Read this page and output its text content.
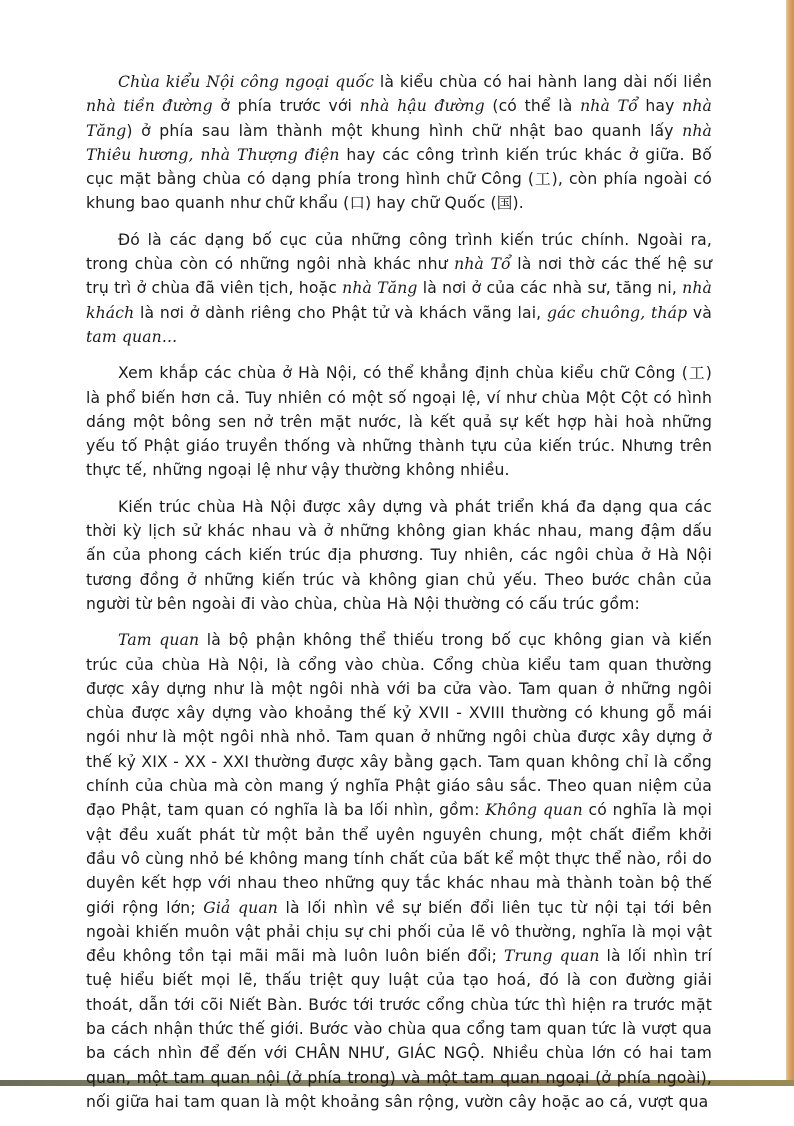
Chùa kiểu Nội công ngoại quốc là kiểu chùa có hai hành lang dài nối liền nhà tiền đường ở phía trước với nhà hậu đường (có thể là nhà Tổ hay nhà Tăng) ở phía sau làm thành một khung hình chữ nhật bao quanh lấy nhà Thiêu hương, nhà Thượng điện hay các công trình kiến trúc khác ở giữa. Bố cục mặt bằng chùa có dạng phía trong hình chữ Công (工), còn phía ngoài có khung bao quanh như chữ khẩu (口) hay chữ Quốc (国).

Đó là các dạng bố cục của những công trình kiến trúc chính. Ngoài ra, trong chùa còn có những ngôi nhà khác như nhà Tổ là nơi thờ các thế hệ sư trụ trì ở chùa đã viên tịch, hoặc nhà Tăng là nơi ở của các nhà sư, tăng ni, nhà khách là nơi ở dành riêng cho Phật tử và khách vãng lai, gác chuông, tháp và tam quan...

Xem khắp các chùa ở Hà Nội, có thể khẳng định chùa kiểu chữ Công (工) là phổ biến hơn cả. Tuy nhiên có một số ngoại lệ, ví như chùa Một Cột có hình dáng một bông sen nở trên mặt nước, là kết quả sự kết hợp hài hoà những yếu tố Phật giáo truyền thống và những thành tựu của kiến trúc. Nhưng trên thực tế, những ngoại lệ như vậy thường không nhiều.

Kiến trúc chùa Hà Nội được xây dựng và phát triển khá đa dạng qua các thời kỳ lịch sử khác nhau và ở những không gian khác nhau, mang đậm dấu ấn của phong cách kiến trúc địa phương. Tuy nhiên, các ngôi chùa ở Hà Nội tương đồng ở những kiến trúc và không gian chủ yếu. Theo bước chân của người từ bên ngoài đi vào chùa, chùa Hà Nội thường có cấu trúc gồm:

Tam quan là bộ phận không thể thiếu trong bố cục không gian và kiến trúc của chùa Hà Nội, là cổng vào chùa. Cổng chùa kiểu tam quan thường được xây dựng như là một ngôi nhà với ba cửa vào. Tam quan ở những ngôi chùa được xây dựng vào khoảng thế kỷ XVII - XVIII thường có khung gỗ mái ngói như là một ngôi nhà nhỏ. Tam quan ở những ngôi chùa được xây dựng ở thế kỷ XIX - XX - XXI thường được xây bằng gạch. Tam quan không chỉ là cổng chính của chùa mà còn mang ý nghĩa Phật giáo sâu sắc. Theo quan niệm của đạo Phật, tam quan có nghĩa là ba lối nhìn, gồm: Không quan có nghĩa là mọi vật đều xuất phát từ một bản thể uyên nguyên chung, một chất điểm khởi đầu vô cùng nhỏ bé không mang tính chất của bất kể một thực thể nào, rồi do duyên kết hợp với nhau theo những quy tắc khác nhau mà thành toàn bộ thế giới rộng lớn; Giả quan là lối nhìn về sự biến đổi liên tục từ nội tại tới bên ngoài khiến muôn vật phải chịu sự chi phối của lẽ vô thường, nghĩa là mọi vật đều không tồn tại mãi mãi mà luôn luôn biến đổi; Trung quan là lối nhìn trí tuệ hiểu biết mọi lẽ, thấu triệt quy luật của tạo hoá, đó là con đường giải thoát, dẫn tới cõi Niết Bàn. Bước tới trước cổng chùa tức thì hiện ra trước mặt ba cách nhận thức thế giới. Bước vào chùa qua cổng tam quan tức là vượt qua ba cách nhìn để đến với CHÂN NHƯ, GIÁC NGỘ. Nhiều chùa lớn có hai tam quan, một tam quan nội (ở phía trong) và một tam quan ngoại (ở phía ngoài), nối giữa hai tam quan là một khoảng sân rộng, vườn cây hoặc ao cá, vượt qua
